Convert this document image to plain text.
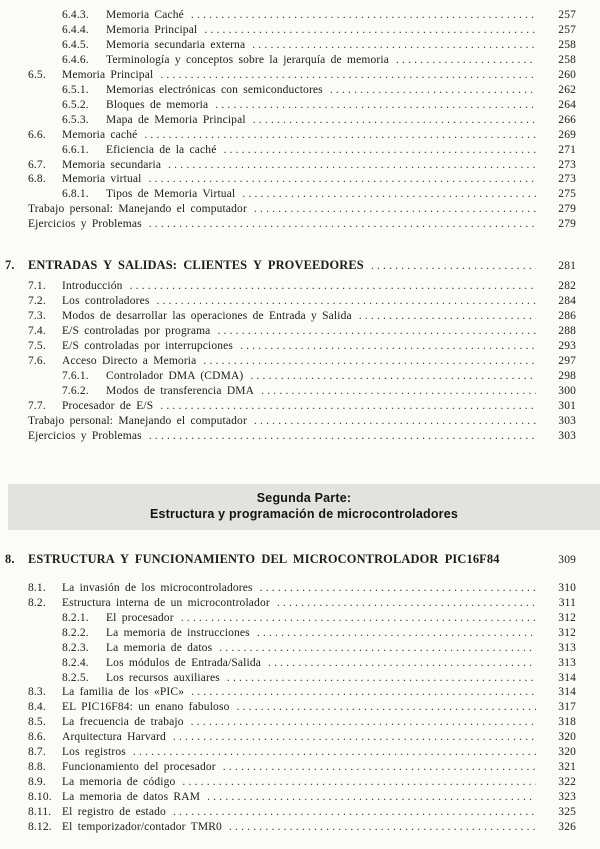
6.4.3.	Memoria Caché .....	257
6.4.4.	Memoria Principal .....	257
6.4.5.	Memoria secundaria externa .....	258
6.4.6.	Terminología y conceptos sobre la jerarquía de memoria .....	258
6.5.	Memoria Principal .....	260
6.5.1.	Memorias electrónicas con semiconductores .....	262
6.5.2.	Bloques de memoria .....	264
6.5.3.	Mapa de Memoria Principal .....	266
6.6.	Memoria caché .....	269
6.6.1.	Eficiencia de la caché .....	271
6.7.	Memoria secundaria .....	273
6.8.	Memoria virtual .....	273
6.8.1.	Tipos de Memoria Virtual .....	275
Trabajo personal: Manejando el computador .....	279
Ejercicios y Problemas .....	279
7.	ENTRADAS Y SALIDAS: CLIENTES Y PROVEEDORES .....	281
7.1.	Introducción .....	282
7.2.	Los controladores .....	284
7.3.	Modos de desarrollar las operaciones de Entrada y Salida .....	286
7.4.	E/S controladas por programa .....	288
7.5.	E/S controladas por interrupciones .....	293
7.6.	Acceso Directo a Memoria .....	297
7.6.1.	Controlador DMA (CDMA) .....	298
7.6.2.	Modos de transferencia DMA .....	300
7.7.	Procesador de E/S .....	301
Trabajo personal: Manejando el computador .....	303
Ejercicios y Problemas .....	303
Segunda Parte:
Estructura y programación de microcontroladores
8.	ESTRUCTURA Y FUNCIONAMIENTO DEL MICROCONTROLADOR PIC16F84	309
8.1.	La invasión de los microcontroladores .....	310
8.2.	Estructura interna de un microcontrolador .....	311
8.2.1.	El procesador .....	312
8.2.2.	La memoria de instrucciones .....	312
8.2.3.	La memoria de datos .....	313
8.2.4.	Los módulos de Entrada/Salida .....	313
8.2.5.	Los recursos auxiliares .....	314
8.3.	La familia de los «PIC» .....	314
8.4.	EL PIC16F84: un enano fabuloso .....	317
8.5.	La frecuencia de trabajo .....	318
8.6.	Arquitectura Harvard .....	320
8.7.	Los registros .....	320
8.8.	Funcionamiento del procesador .....	321
8.9.	La memoria de código .....	322
8.10. La memoria de datos RAM .....	323
8.11. El registro de estado .....	325
8.12. El temporizador/contador TMR0 .....	326
